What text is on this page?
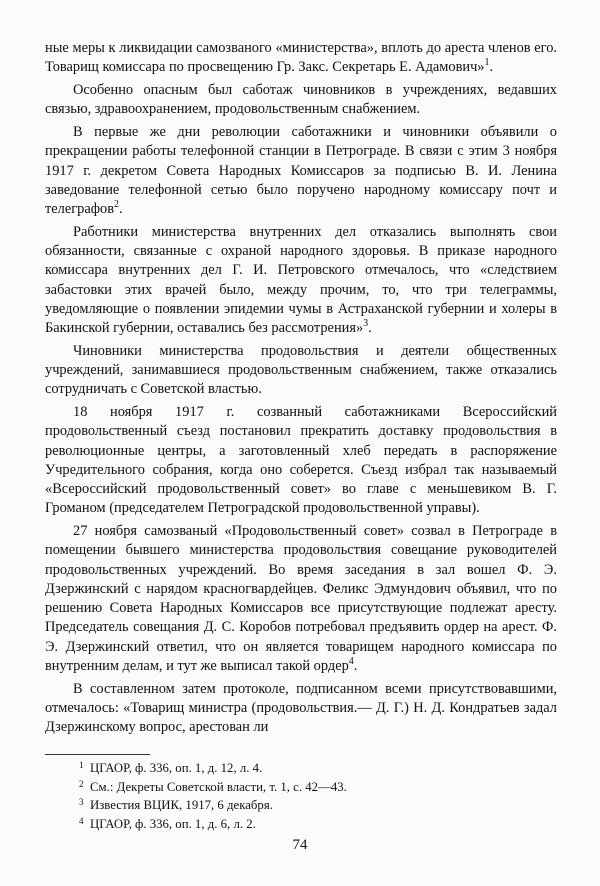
ные меры к ликвидации самозваного «министерства», вплоть до ареста членов его. Товарищ комиссара по просвещению Гр. Закс. Секретарь Е. Адамович»$^1$.

Особенно опасным был саботаж чиновников в учреждениях, ведавших связью, здравоохранением, продовольственным снабжением.

В первые же дни революции саботажники и чиновники объявили о прекращении работы телефонной станции в Петрограде. В связи с этим 3 ноября 1917 г. декретом Совета Народных Комиссаров за подписью В. И. Ленина заведование телефонной сетью было поручено народному комиссару почт и телеграфов$^2$.

Работники министерства внутренних дел отказались выполнять свои обязанности, связанные с охраной народного здоровья. В приказе народного комиссара внутренних дел Г. И. Петровского отмечалось, что «следствием забастовки этих врачей было, между прочим, то, что три телеграммы, уведомляющие о появлении эпидемии чумы в Астраханской губернии и холеры в Бакинской губернии, оставались без рассмотрения»$^3$.

Чиновники министерства продовольствия и деятели общественных учреждений, занимавшиеся продовольственным снабжением, также отказались сотрудничать с Советской властью.

18 ноября 1917 г. созванный саботажниками Всероссийский продовольственный съезд постановил прекратить доставку продовольствия в революционные центры, а заготовленный хлеб передать в распоряжение Учредительного собрания, когда оно соберется. Съезд избрал так называемый «Всероссийский продовольственный совет» во главе с меньшевиком В. Г. Громаном (председателем Петроградской продовольственной управы).

27 ноября самозваный «Продовольственный совет» созвал в Петрограде в помещении бывшего министерства продовольствия совещание руководителей продовольственных учреждений. Во время заседания в зал вошел Ф. Э. Дзержинский с нарядом красногвардейцев. Феликс Эдмундович объявил, что по решению Совета Народных Комиссаров все присутствующие подлежат аресту. Председатель совещания Д. С. Коробов потребовал предъявить ордер на арест. Ф. Э. Дзержинский ответил, что он является товарищем народного комиссара по внутренним делам, и тут же выписал такой ордер$^4$.

В составленном затем протоколе, подписанном всеми присутствовавшими, отмечалось: «Товарищ министра (продовольствия.— Д. Г.) Н. Д. Кондратьев задал Дзержинскому вопрос, арестован ли

1 ЦГАОР, ф. 336, оп. 1, д. 12, л. 4.
2 См.: Декреты Советской власти, т. 1, с. 42—43.
3 Известия ВЦИК, 1917, 6 декабря.
4 ЦГАОР, ф. 336, оп. 1, д. 6, л. 2.
74
